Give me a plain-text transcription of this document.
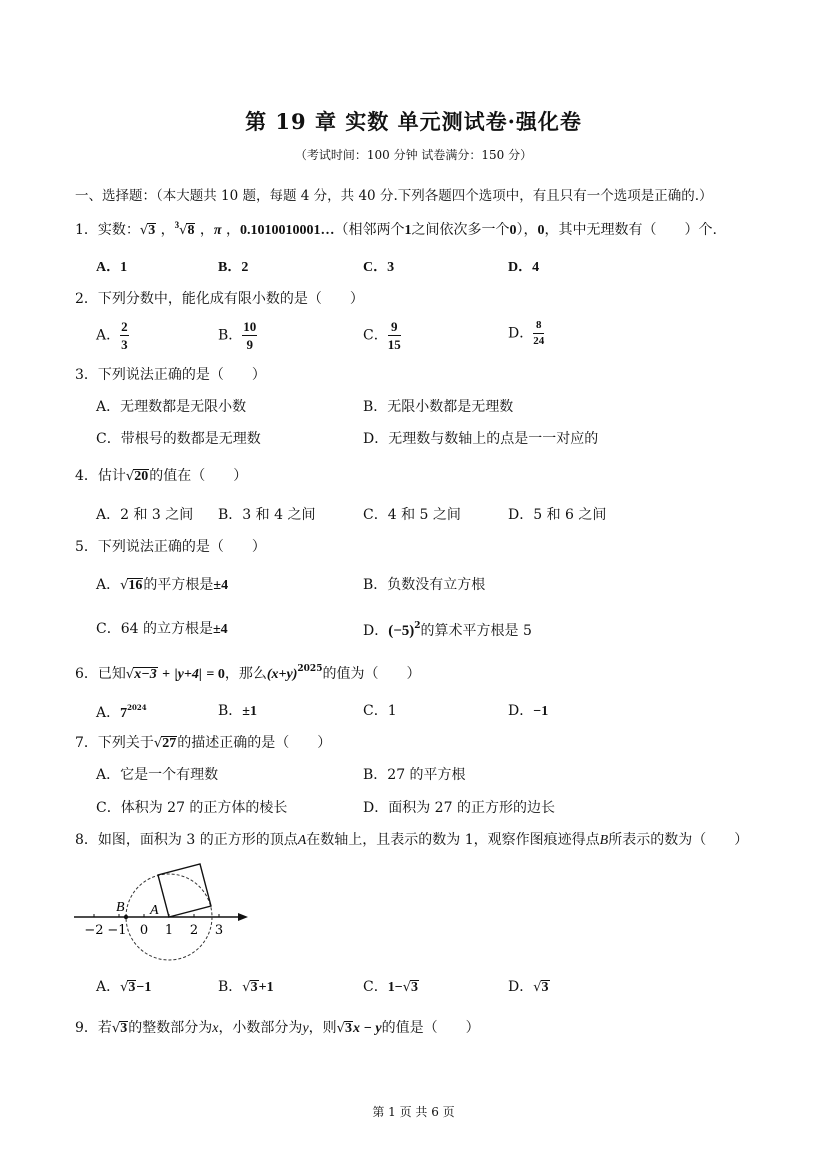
第 19 章 实数 单元测试卷·强化卷
（考试时间：100 分钟 试卷满分：150 分）
一、选择题：（本大题共 10 题，每题 4 分，共 40 分.下列各题四个选项中，有且只有一个选项是正确的.）
1．实数：√3 ，$^3$√8 ，π ，0.1010010001…（相邻两个1之间依次多一个0），0，其中无理数有（　　）个.
A．1	B．2	C．3	D．4
2．下列分数中，能化成有限小数的是（　　）
A． $\frac{2}{3}$	B． $\frac{10}{9}$	C． $\frac{9}{15}$	D． $\frac{8}{24}$
3．下列说法正确的是（　　）
A．无理数都是无限小数	B．无限小数都是无理数
C．带根号的数都是无理数	D．无理数与数轴上的点是一一对应的
4．估计√20的值在（　　）
A．2 和 3 之间 B．3 和 4 之间	C．4 和 5 之间	D．5 和 6 之间
5．下列说法正确的是（　　）
A．√16的平方根是±4	B．负数没有立方根
C．64 的立方根是±4	D．$(-5)^2$的算术平方根是 5
6．已知√x−3 + |y+4| = 0，那么$(x+y)^{2025}$的值为（　　）
A．$7^{2024}$	B．±1	C．1	D．−1
7．下列关于√27的描述正确的是（　　）
A．它是一个有理数	B．27 的平方根
C．体积为 27 的正方体的棱长	D．面积为 27 的正方形的边长
8．如图，面积为 3 的正方形的顶点A在数轴上，且表示的数为 1，观察作图痕迹得点B所表示的数为（　　）
B A
−2 −1 0 1 2 3
A．√3−1	B．√3+1	C．1−√3	D．√3
9．若√3的整数部分为x，小数部分为y，则√3x − y的值是（　　）
第 1 页 共 6 页
